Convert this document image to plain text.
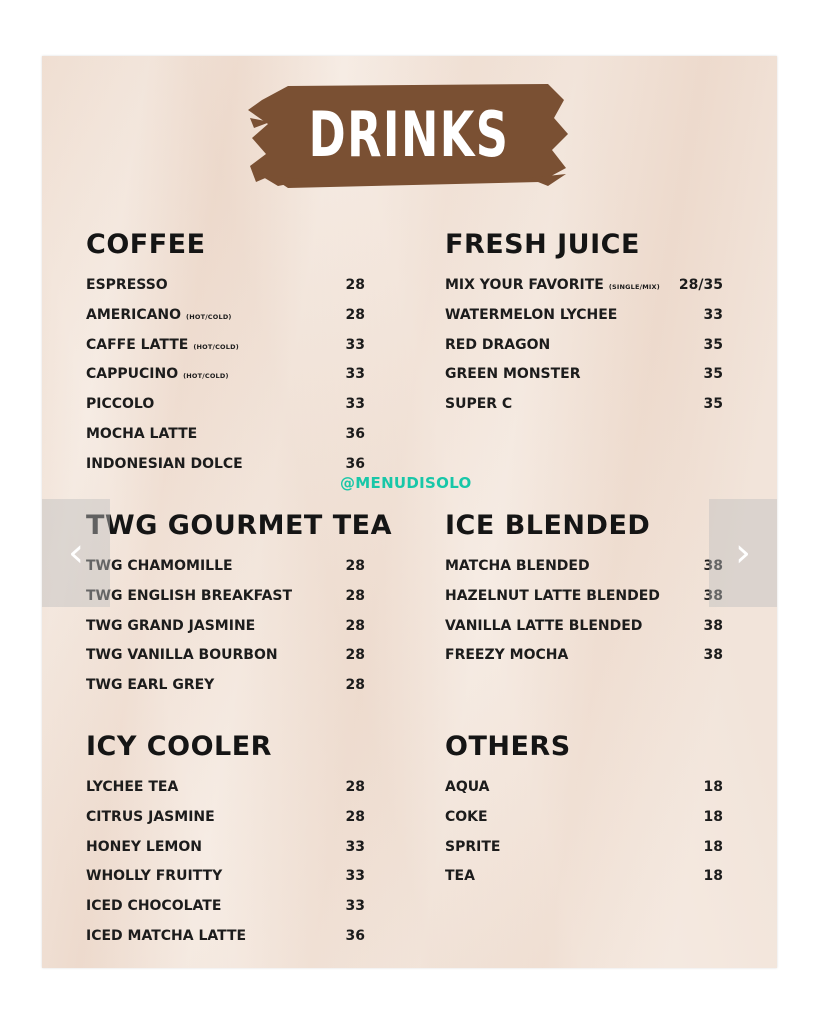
DRINKS
COFFEE
ESPRESSO	28
AMERICANO (HOT/COLD)	28
CAFFE LATTE (HOT/COLD)	33
CAPPUCINO (HOT/COLD)	33
PICCOLO	33
MOCHA LATTE	36
INDONESIAN DOLCE	36
FRESH JUICE
MIX YOUR FAVORITE (SINGLE/MIX) 28/35
WATERMELON LYCHEE	33
RED DRAGON	35
GREEN MONSTER	35
SUPER C	35
TWG GOURMET TEA
TWG CHAMOMILLE	28
TWG ENGLISH BREAKFAST	28
TWG GRAND JASMINE	28
TWG VANILLA BOURBON	28
TWG EARL GREY	28
ICE BLENDED
MATCHA BLENDED	38
HAZELNUT LATTE BLENDED	38
VANILLA LATTE BLENDED	38
FREEZY MOCHA	38
ICY COOLER
LYCHEE TEA	28
CITRUS JASMINE	28
HONEY LEMON	33
WHOLLY FRUITTY	33
ICED CHOCOLATE	33
ICED MATCHA LATTE	36
OTHERS
AQUA	18
COKE	18
SPRITE	18
TEA	18
@MENUDISOLO
‹	›
